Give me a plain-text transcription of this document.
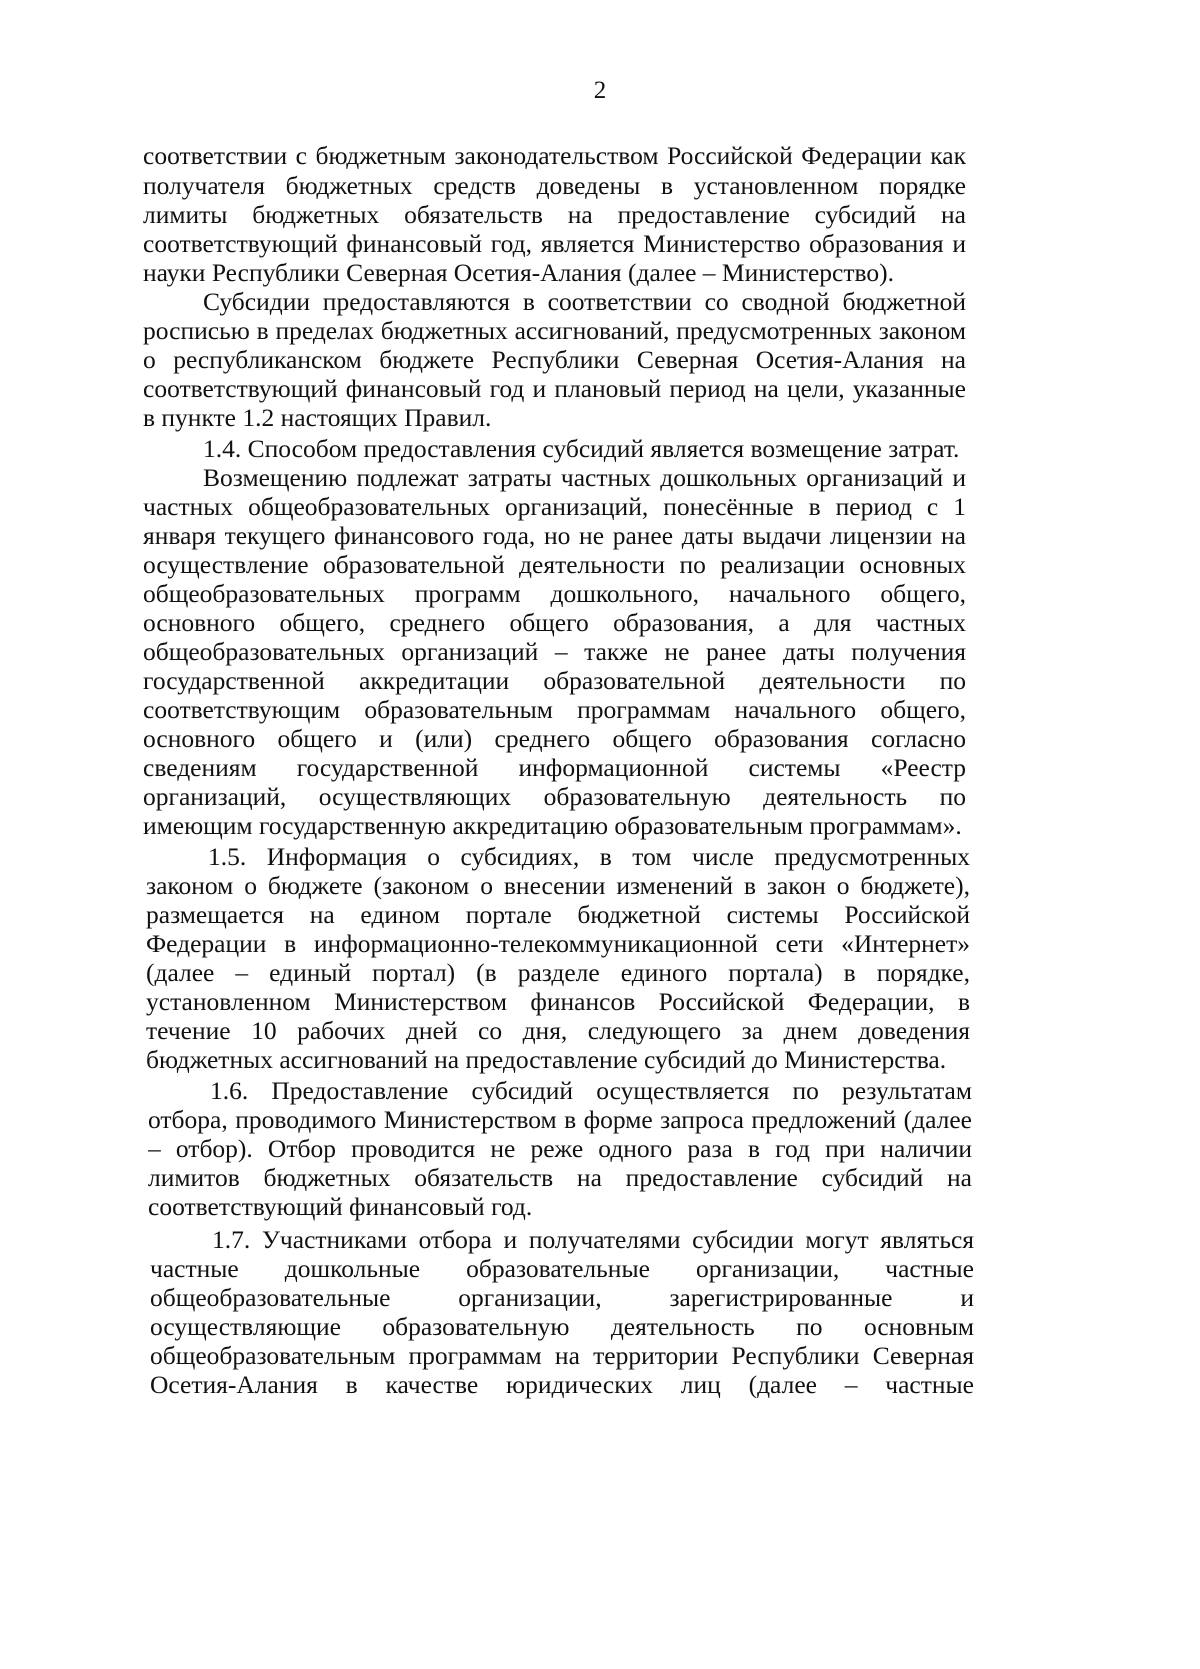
2
соответствии с бюджетным законодательством Российской Федерации как
получателя бюджетных средств доведены в установленном порядке
лимиты бюджетных обязательств на предоставление субсидий на
соответствующий финансовый год, является Министерство образования и
науки Республики Северная Осетия-Алания (далее – Министерство).
Субсидии предоставляются в соответствии со сводной бюджетной
росписью в пределах бюджетных ассигнований, предусмотренных законом
о республиканском бюджете Республики Северная Осетия-Алания на
соответствующий финансовый год и плановый период на цели, указанные
в пункте 1.2 настоящих Правил.
1.4. Способом предоставления субсидий является возмещение затрат.
Возмещению подлежат затраты частных дошкольных организаций и
частных общеобразовательных организаций, понесённые в период с 1
января текущего финансового года, но не ранее даты выдачи лицензии на
осуществление образовательной деятельности по реализации основных
общеобразовательных программ дошкольного, начального общего,
основного общего, среднего общего образования, а для частных
общеобразовательных организаций – также не ранее даты получения
государственной аккредитации образовательной деятельности по
соответствующим образовательным программам начального общего,
основного общего и (или) среднего общего образования согласно
сведениям государственной информационной системы «Реестр
организаций, осуществляющих образовательную деятельность по
имеющим государственную аккредитацию образовательным программам».
1.5. Информация о субсидиях, в том числе предусмотренных
законом о бюджете (законом о внесении изменений в закон о бюджете),
размещается на едином портале бюджетной системы Российской
Федерации в информационно-телекоммуникационной сети «Интернет»
(далее – единый портал) (в разделе единого портала) в порядке,
установленном Министерством финансов Российской Федерации, в
течение 10 рабочих дней со дня, следующего за днем доведения
бюджетных ассигнований на предоставление субсидий до Министерства.
1.6. Предоставление субсидий осуществляется по результатам
отбора, проводимого Министерством в форме запроса предложений (далее
– отбор). Отбор проводится не реже одного раза в год при наличии
лимитов бюджетных обязательств на предоставление субсидий на
соответствующий финансовый год.
1.7. Участниками отбора и получателями субсидии могут являться
частные дошкольные образовательные организации, частные
общеобразовательные организации, зарегистрированные и
осуществляющие образовательную деятельность по основным
общеобразовательным программам на территории Республики Северная
Осетия-Алания в качестве юридических лиц (далее – частные
